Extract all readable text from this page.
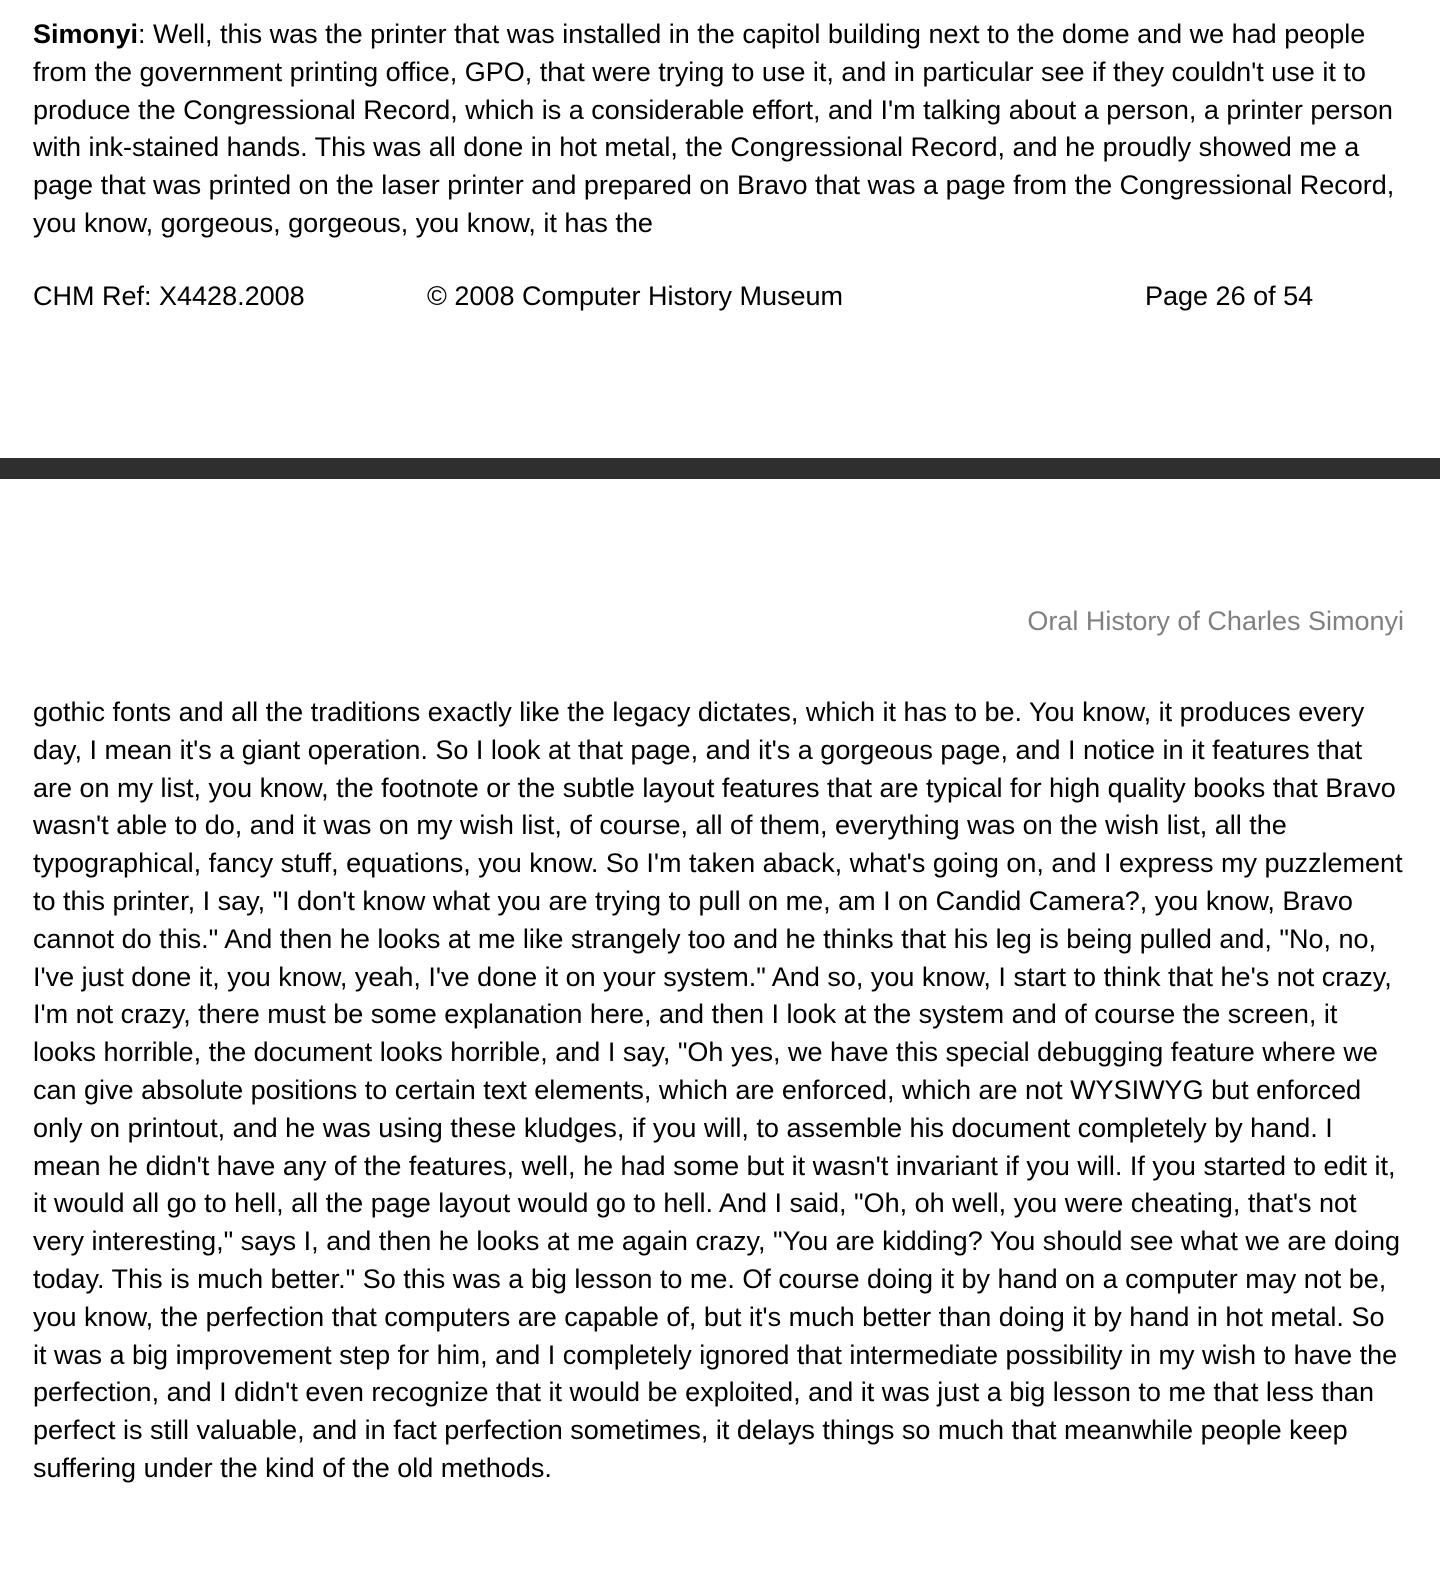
Simonyi: Well, this was the printer that was installed in the capitol building next to the dome and we had people from the government printing office, GPO, that were trying to use it, and in particular see if they couldn't use it to produce the Congressional Record, which is a considerable effort, and I'm talking about a person, a printer person with ink-stained hands. This was all done in hot metal, the Congressional Record, and he proudly showed me a page that was printed on the laser printer and prepared on Bravo that was a page from the Congressional Record, you know, gorgeous, gorgeous, you know, it has the

CHM Ref: X4428.2008	© 2008 Computer History Museum	Page 26 of 54
Oral History of Charles Simonyi

gothic fonts and all the traditions exactly like the legacy dictates, which it has to be. You know, it produces every day, I mean it's a giant operation. So I look at that page, and it's a gorgeous page, and I notice in it features that are on my list, you know, the footnote or the subtle layout features that are typical for high quality books that Bravo wasn't able to do, and it was on my wish list, of course, all of them, everything was on the wish list, all the typographical, fancy stuff, equations, you know. So I'm taken aback, what's going on, and I express my puzzlement to this printer, I say, "I don't know what you are trying to pull on me, am I on Candid Camera?, you know, Bravo cannot do this." And then he looks at me like strangely too and he thinks that his leg is being pulled and, "No, no, I've just done it, you know, yeah, I've done it on your system." And so, you know, I start to think that he's not crazy, I'm not crazy, there must be some explanation here, and then I look at the system and of course the screen, it looks horrible, the document looks horrible, and I say, "Oh yes, we have this special debugging feature where we can give absolute positions to certain text elements, which are enforced, which are not WYSIWYG but enforced only on printout, and he was using these kludges, if you will, to assemble his document completely by hand. I mean he didn't have any of the features, well, he had some but it wasn't invariant if you will. If you started to edit it, it would all go to hell, all the page layout would go to hell. And I said, "Oh, oh well, you were cheating, that's not very interesting," says I, and then he looks at me again crazy, "You are kidding? You should see what we are doing today. This is much better." So this was a big lesson to me. Of course doing it by hand on a computer may not be, you know, the perfection that computers are capable of, but it's much better than doing it by hand in hot metal. So it was a big improvement step for him, and I completely ignored that intermediate possibility in my wish to have the perfection, and I didn't even recognize that it would be exploited, and it was just a big lesson to me that less than perfect is still valuable, and in fact perfection sometimes, it delays things so much that meanwhile people keep suffering under the kind of the old methods.
